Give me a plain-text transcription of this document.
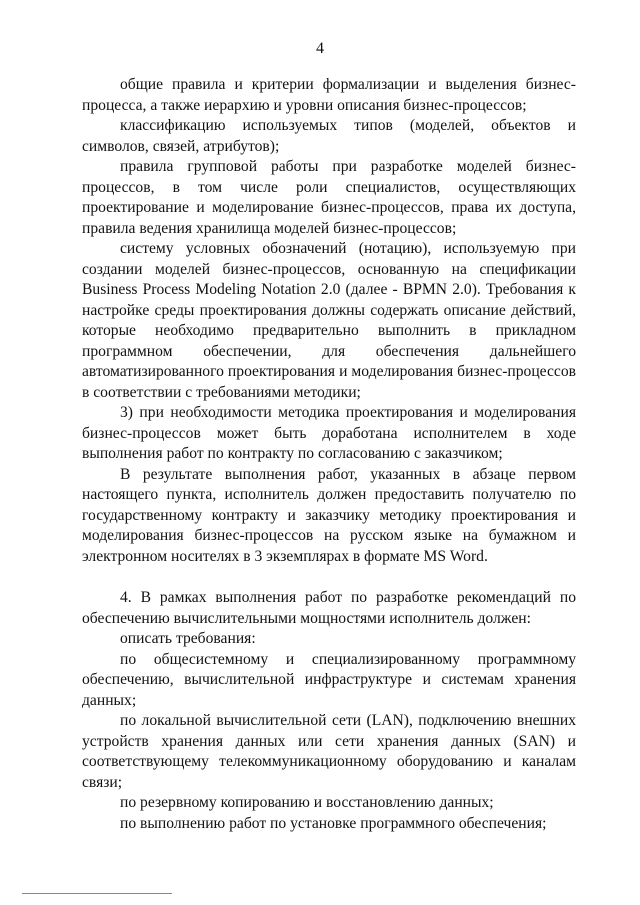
4

общие правила и критерии формализации и выделения бизнес-процесса, а также иерархию и уровни описания бизнес-процессов;

классификацию используемых типов (моделей, объектов и символов, связей, атрибутов);

правила групповой работы при разработке моделей бизнес-процессов, в том числе роли специалистов, осуществляющих проектирование и моделирование бизнес-процессов, права их доступа, правила ведения хранилища моделей бизнес-процессов;

систему условных обозначений (нотацию), используемую при создании моделей бизнес-процессов, основанную на спецификации Business Process Modeling Notation 2.0 (далее - BPMN 2.0). Требования к настройке среды проектирования должны содержать описание действий, которые необходимо предварительно выполнить в прикладном программном обеспечении, для обеспечения дальнейшего автоматизированного проектирования и моделирования бизнес-процессов в соответствии с требованиями методики;

3) при необходимости методика проектирования и моделирования бизнес-процессов может быть доработана исполнителем в ходе выполнения работ по контракту по согласованию с заказчиком;

В результате выполнения работ, указанных в абзаце первом настоящего пункта, исполнитель должен предоставить получателю по государственному контракту и заказчику методику проектирования и моделирования бизнес-процессов на русском языке на бумажном и электронном носителях в 3 экземплярах в формате MS Word.

4. В рамках выполнения работ по разработке рекомендаций по обеспечению вычислительными мощностями исполнитель должен:

описать требования:

по общесистемному и специализированному программному обеспечению, вычислительной инфраструктуре и системам хранения данных;

по локальной вычислительной сети (LAN), подключению внешних устройств хранения данных или сети хранения данных (SAN) и соответствующему телекоммуникационному оборудованию и каналам связи;

по резервному копированию и восстановлению данных;

по выполнению работ по установке программного обеспечения;
